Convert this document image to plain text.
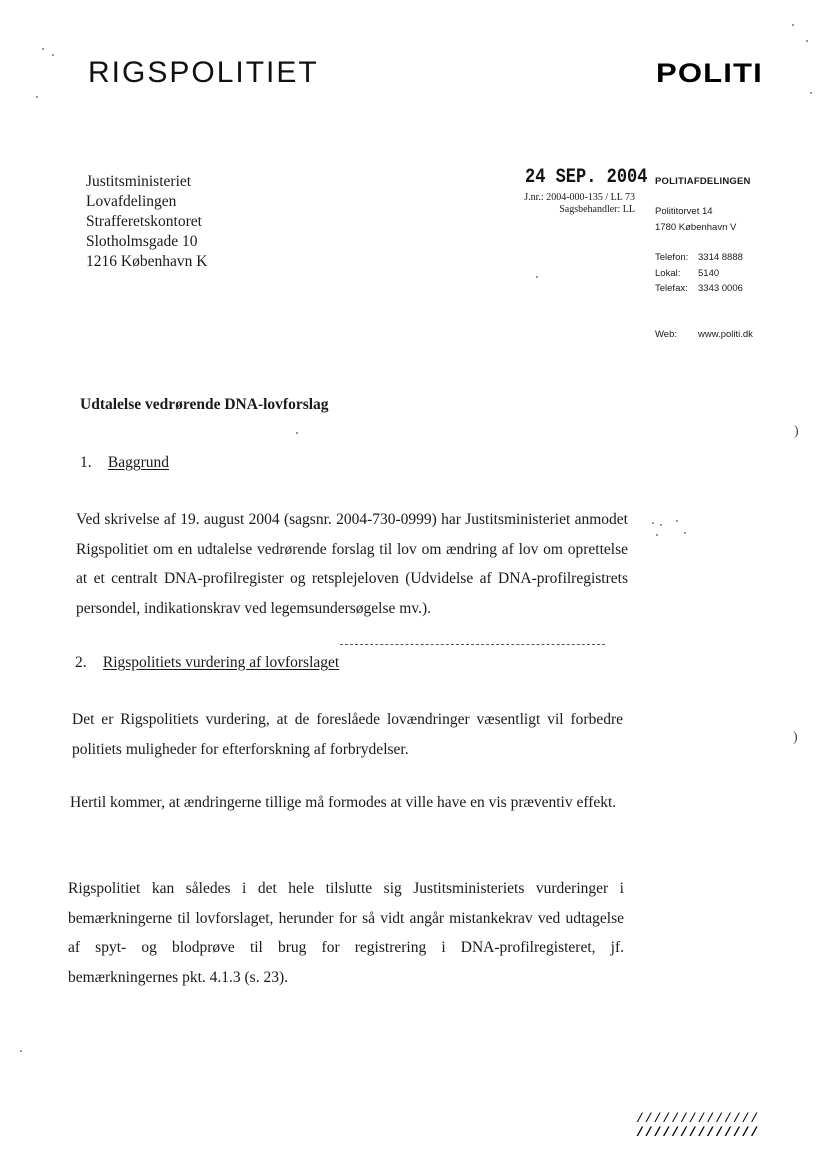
RIGSPOLITIET	POLITI
Justitsministeriet
Lovafdelingen
Strafferetskontoret
Slotholmsgade 10
1216 København K
24 SEP. 2004
J.nr.: 2004-000-135 / LL 73
Sagsbehandler: LL
POLITIAFDELINGEN
Polititorvet 14
1780 København V
Telefon:	3314 8888
Lokal:	5140
Telefax:	3343 0006
Web:	www.politi.dk
Udtalelse vedrørende DNA-lovforslag
1. Baggrund
Ved skrivelse af 19. august 2004 (sagsnr. 2004-730-0999) har Justitsministeriet anmodet Rigspolitiet om en udtalelse vedrørende forslag til lov om ændring af lov om oprettelse at et centralt DNA-profilregister og retsplejeloven (Udvidelse af DNA-profilregistrets persondel, indikationskrav ved legemsundersøgelse mv.).
2. Rigspolitiets vurdering af lovforslaget
Det er Rigspolitiets vurdering, at de foreslåede lovændringer væsentligt vil forbedre politiets muligheder for efterforskning af forbrydelser.
Hertil kommer, at ændringerne tillige må formodes at ville have en vis præventiv effekt.
Rigspolitiet kan således i det hele tilslutte sig Justitsministeriets vurderinger i bemærkningerne til lovforslaget, herunder for så vidt angår mistankekrav ved udtagelse af spyt- og blodprøve til brug for registrering i DNA-profilregisteret, jf. bemærkningernes pkt. 4.1.3 (s. 23).
//////////////
//////////////
)
)
